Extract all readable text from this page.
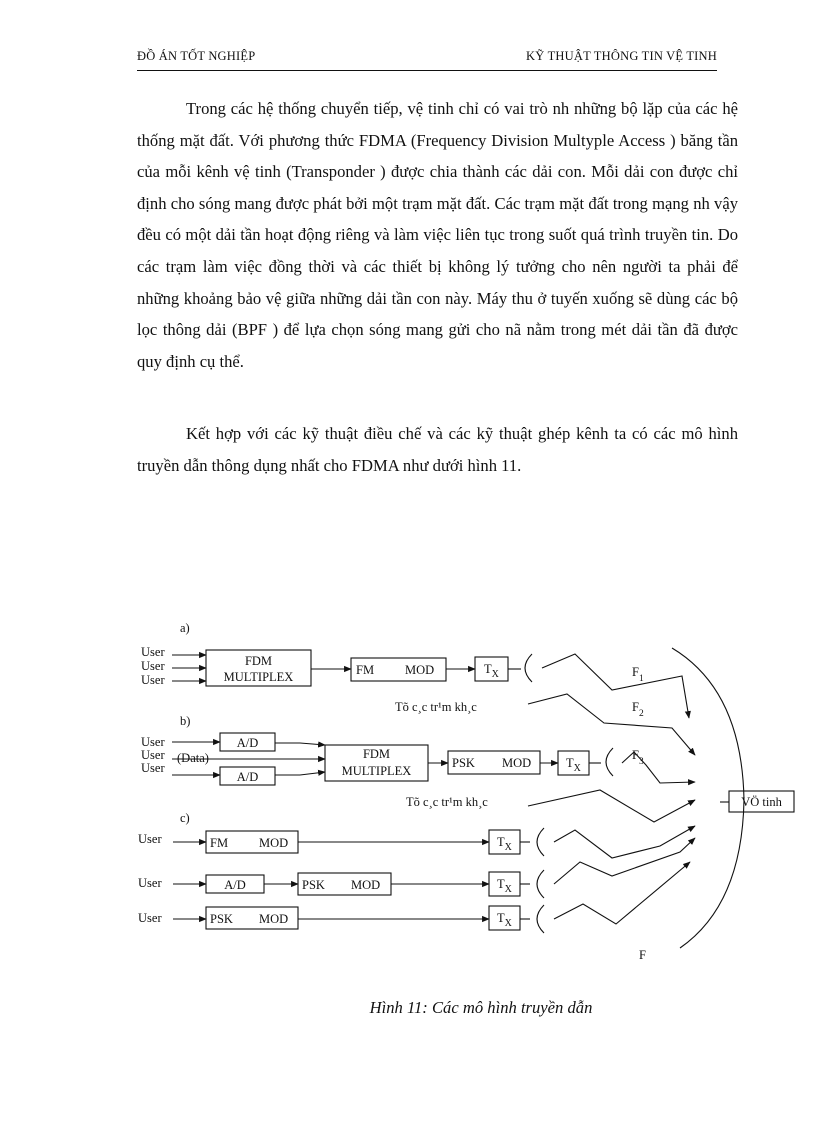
ĐỒ ÁN TỐT NGHIỆP	KỸ THUẬT THÔNG TIN VỆ TINH

Trong các hệ thống chuyển tiếp, vệ tinh chỉ có vai trò nh những bộ lặp của các hệ thống mặt đất. Với phương thức FDMA (Frequency Division Multyple Access ) băng tần của mỗi kênh vệ tinh (Transponder ) được chia thành các dải con. Mỗi dải con được chỉ định cho sóng mang được phát bởi một trạm mặt đất. Các trạm mặt đất trong mạng nh vậy đều có một dải tần hoạt động riêng và làm việc liên tục trong suốt quá trình truyền tin. Do các trạm làm việc đồng thời và các thiết bị không lý tưởng cho nên người ta phải để những khoảng bảo vệ giữa những dải tần con này. Máy thu ở tuyến xuống sẽ dùng các bộ lọc thông dải (BPF ) để lựa chọn sóng mang gửi cho nã nằm trong mét dải tần đã được quy định cụ thể.

Kết hợp với các kỹ thuật điều chế và các kỹ thuật ghép kênh ta có các mô hình truyền dẫn thông dụng nhất cho FDMA như dưới hình 11.

a)
User
User
User
FDM
MULTIPLEX	FM MOD	$T_X$	$F_1$
$F_2$
Tõ c¸c tr¹m kh¸c
b)
User
User
User
(Data)
A/D
A/D
FDM
MULTIPLEX
PSK MOD	$T_X$
$F_3$
Tõ c¸c tr¹m kh¸c	VÖ tinh
c)
User
User
User
FM MOD
A/D	PSK MOD
PSK MOD
$T_X$
$T_X$
$T_X$
F
Hình 11: Các mô hình truyền dẫn
